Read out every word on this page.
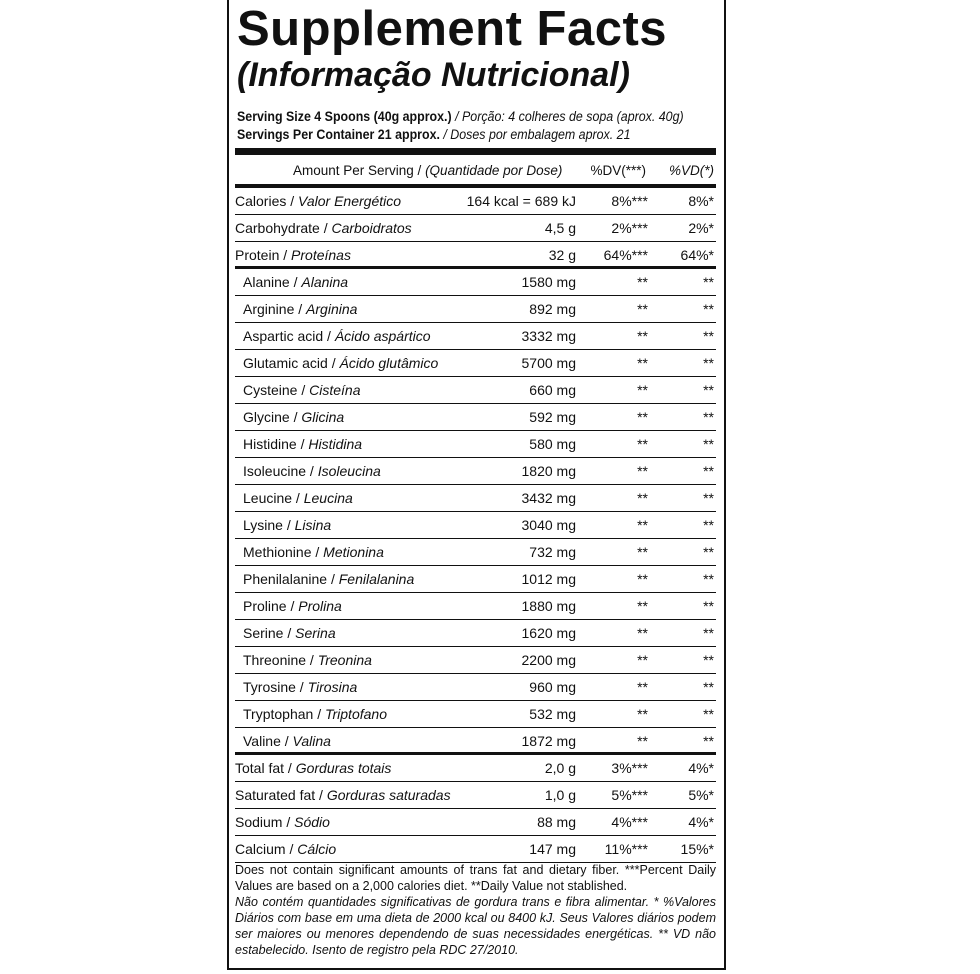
Supplement Facts
(Informação Nutricional)
Serving Size 4 Spoons (40g approx.) / Porção: 4 colheres de sopa (aprox. 40g)
Servings Per Container 21 approx. / Doses por embalagem aprox. 21
Amount Per Serving / (Quantidade por Dose) %DV(***) %VD(*)
Calories / Valor Energético	164 kcal = 689 kJ	8%***	8%*
Carbohydrate / Carboidratos	4,5 g	2%***	2%*
Protein / Proteínas	32 g 64%*** 64%*
Alanine / Alanina	1580 mg	**	**
Arginine / Arginina	892 mg	**	**
Aspartic acid / Ácido aspártico	3332 mg	**	**
Glutamic acid / Ácido glutâmico	5700 mg	**	**
Cysteine / Cisteína	660 mg	**	**
Glycine / Glicina	592 mg	**	**
Histidine / Histidina	580 mg	**	**
Isoleucine / Isoleucina	1820 mg	**	**
Leucine / Leucina	3432 mg	**	**
Lysine / Lisina	3040 mg	**	**
Methionine / Metionina	732 mg	**	**
Phenilalanine / Fenilalanina	1012 mg	**	**
Proline / Prolina	1880 mg	**	**
Serine / Serina	1620 mg	**	**
Threonine / Treonina	2200 mg	**	**
Tyrosine / Tirosina	960 mg	**	**
Tryptophan / Triptofano	532 mg	**	**
Valine / Valina	1872 mg	**	**
Total fat / Gorduras totais	2,0 g	3%***	4%*
Saturated fat / Gorduras saturadas	1,0 g	5%***	5%*
Sodium / Sódio	88 mg	4%***	4%*
Calcium / Cálcio	147 mg 11%*** 15%*

Does not contain significant amounts of trans fat and dietary fiber. ***Percent Daily Values are based on a 2,000 calories diet. **Daily Value not stablished.

Não contém quantidades significativas de gordura trans e fibra alimentar. * %Valores Diários com base em uma dieta de 2000 kcal ou 8400 kJ. Seus Valores diários podem ser maiores ou menores dependendo de suas necessidades energéticas. ** VD não estabelecido. Isento de registro pela RDC 27/2010.
